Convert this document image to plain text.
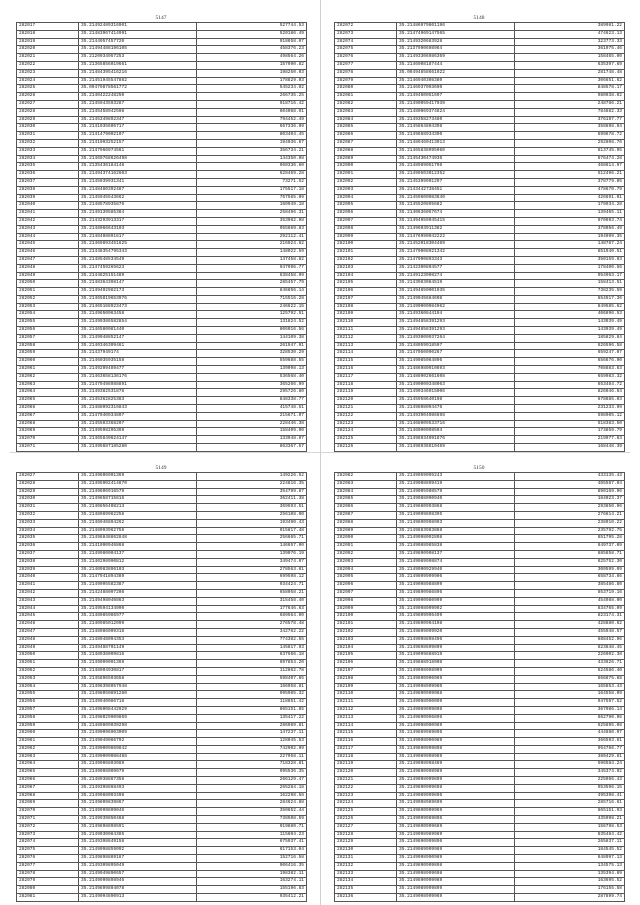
5147
282017	35.21492489316901	527744.53
282018	35.21483967414991	520186.49
282019	35.2144957457720	918658.07
282020	35.21494488196105	458376.23
282021	35.2120934957253	498564.26
282022	35.21365856019661	157990.82
282023	35.21484395416216	198250.03
282024	35.21451945547882	178829.03
282025	35.09479878561772	545234.02
282026	35.2140422248250	266735.25
282027	35.2145943593287	918716.42
282028	35.2145458942598	604088.01
282029	35.2145349892347	794452.49
282030	35.2141035605717	667336.09
282031	35.2141479002107	803404.45
282032	35.2141093252157	194036.67
282033	35.2147966974561	356734.21
282034	35.21469768626498	144350.98
282035	35.2135436184148	960336.60
282036	35.21494374162603	628469.28
282037	35.2145039931341	73271.52
282038	35.2148480392487	175517.18
282039	35.2145945543662	767565.09
282040	35.2148578935876	160949.18
282041	35.2149139585384	258496.31
282042	35.2143293913317	353982.98
282043	35.2148066643103	955669.83
282044	35.2148408891617	292112.41
282045	35.21469893451625	216924.62
282046	35.21448354795343	148022.59
282047	35.2148548534549	147458.82
282048	35.2147459265623	947996.77
282049	35.2144825151489	638458.99
282050	35.2148364398147	285457.79
282051	35.2149402982173	846856.14
282052	35.21465819653976	715516.28
282053	35.21465168923473	246622.15
282054	35.2149650063458	125792.51
282055	35.21490386582854	131824.52
282056	35.2146580081440	806016.56
282057	35.2149048852147	144109.38
282058	35.2140346309461	261947.91
282059	35.21437949174	328530.29
282060	35.2146035935158	559688.55
282061	35.2149209489477	139098.13
282062	35.21463658136176	536568.40
282063	35.21479498988891	365266.99
282064	35.2149382531878	295726.80
282065	35.2145362825383	848338.77
282066	35.21488092316843	415748.51
282067	35.2147040934807	215671.07
282068	35.2145503368207	228446.38
282069	35.2149598205369	158409.90
282070	35.21465849624147	133948.97
282071	35.21495687185280	863367.57
5148
282072	35.21486979801196	389981.22
282073	35.21474969147565	474623.13
282074	35.2149320683928	323773.33
282075	35.2137990698964	361975.46
282076	35.21493306986369	158465.00
282077	35.2146908187444	635397.69
282078	35.09494858661922	281748.48
282079	35.2146940308380	306651.62
282080	35.2146937093690	848578.17
282081	35.2149460051607	980938.02
282082	35.21490059417939	248786.21
282083	35.21480069374824	784882.33
282084	35.2149358273480	376197.77
282085	35.2145864804398	358698.94
282086	35.2149658934390	699678.72
282087	35.21489460413913	292808.76
282088	35.21465838995960	813745.95
282089	35.2145430474936	676474.28
282090	35.2148989051798	468614.97
282091	35.21499503012352	512496.21
282092	35.2145399991297	378779.05
282093	35.2143442738451	478670.79
282094	35.21459600083640	426691.01
282095	35.2145520895682	179934.28
282096	35.2140636057674	139465.11
282097	35.21494959045415	970993.74
282098	35.2149603911382	378056.49
282099	35.21476990042222	194999.35
282100	35.21452018304489	148787.24
282101	35.21470008921342	851940.51
282102	35.2147090893343	350159.93
282103	35.2142300804577	178400.56
282104	35.2149123008274	954963.17
282105	35.2143983084519	158413.51
282106	35.21494850001935	738235.59
282107	35.2149045684608	654517.36
282108	35.21490000084962	849585.62
282109	35.2149360844194	406896.53
282110	35.21494858391293	143939.49
282111	35.21494858391293	143939.49
282112	35.21493000937264	185829.84
282113	35.2148059018507	626596.58
282114	35.2147050090267	659247.07
282115	35.2149085064896	656676.90
282116	35.21486980910893	708883.63
282117	35.21488902661608	659983.32
282118	35.21490000348063	653484.72
282119	35.21490346015006	826046.64
282120	35.2145958640198	678685.03
282121	35.2149808094476	231233.99
282122	35.21493904086698	598905.12
282123	35.21468009533716	518383.50
282124	35.2146090098594	173859.79
282125	35.21498934091876	219977.63
282126	35.21498936610469	168448.39
5149
282027	35.2149606901369	149226.52
282028	35.21495902414870	224816.35
282029	35.2149606916579	354799.87
282030	35.2149858715816	362411.38
282031	35.2140856408213	369593.51
282032	35.2148989962258	256108.90
282033	35.2146946894262	193490.43
282034	35.2148093962758	915817.48
282035	35.21496848862848	256665.71
282036	35.2141090946868	146657.00
282037	35.2149980004137	139076.19
282038	35.2140298990812	349474.07
282039	35.2140983896103	278563.61
282040	35.2147941894389	699598.12
282041	35.2149095582387	934424.71
282042	35.2142488007208	658058.21
282043	35.2149498040863	315458.40
282044	35.2149594134990	177646.63
282045	35.2148985986977	689564.00
282046	35.2140985012099	276578.48
282047	35.2148986009318	342762.22
282048	35.2148948094353	774382.55
282049	35.2149488701149	145817.93
282050	35.2148938009816	637566.18
282051	35.2149099001369	697854.20
282052	35.2148904930817	112862.78
282053	35.2145896593658	598407.65
282054	35.21498398057948	166958.81
282055	35.21498050891280	995985.32
282056	35.2149940086718	118851.42
282057	35.21496008442929	865151.85
282058	35.21498029909869	135417.22
282059	35.21489809039298	286989.81
282060	35.21490096903009	147237.11
282061	35.2149049086792	128045.53
282062	35.21490009869842	742902.99
282063	35.21490000088488	227958.11
282064	35.2149906803089	718328.81
282065	35.2149098009079	995536.35
282066	35.2148938867358	266129.47
282067	35.2149398868493	265284.18
282068	35.2149988093498	162298.58
282069	35.2149809839867	284624.88
282070	35.2149999809046	350652.44
282071	35.2149939850468	738508.59
282072	35.2149898898591	919880.71
282073	35.2149030084385	115604.23
282074	35.2149398849158	675937.41
282075	35.2149098859092	617153.04
282076	35.2149898889167	152716.58
282077	35.2149309895049	906416.35
282078	35.2149049890657	198382.11
282079	35.2149999898946	163274.11
282080	35.2149899894078	155196.83
282081	35.2149094890913	935412.21
5150
282082	35.2149059095243	433135.43
282083	35.2149008809419	405587.04
282084	35.2149005908579	890169.96
282085	35.2149088090940	184023.37
282086	35.2149880993868	293850.96
282087	35.2149099898395	276614.21
282088	35.2149890998993	238910.22
282089	35.2149883983868	235792.75
282090	35.2149098092898	851795.28
282091	35.2149088985838	649737.09
282092	35.2149890908137	885858.71
282093	35.2149089998874	625752.30
282094	35.2149090929940	300599.09
282095	35.2149809909906	658734.86
282096	35.2149098988899	385486.80
282097	35.2149890986896	853719.16
282098	35.2149090980999	454988.00
282099	35.2149098909992	834765.09
282100	35.2149809996499	823174.31
282101	35.2149890904198	428880.62
282102	35.2149809099920	455948.57
282103	35.2149098898496	688452.96
282104	35.2149898609809	823848.45
282105	35.2149099888919	226902.38
282106	35.2149888918908	433626.71
282107	35.2149098998909	624586.40
282108	35.2149890906969	866875.68
282109	35.2149098909980	165853.43
282110	35.2149890909988	164558.09
282111	35.2149098990099	947597.52
282112	35.2149089909898	367986.14
282113	35.2149890996896	862790.96
282114	35.2149098090989	625895.08
282115	35.2149889989896	444880.97
282116	35.2149098906989	366593.61
282117	35.2149890909898	954766.77
282118	35.2149089908989	380429.81
282119	35.2149098968489	596584.24
282120	35.2149890998989	345374.92
282121	35.2149098999899	225966.43
282122	35.2149890909698	953596.15
282123	35.2149089999896	495398.41
282124	35.2149098989699	285716.61
282125	35.2149890909969	865151.93
282126	35.2149099989896	435998.21
282127	35.2149890909689	156798.53
282128	35.2149098989989	835484.42
282129	35.2149890999896	265837.11
282130	35.2149089909989	184545.52
282131	35.2149098990989	648997.13
282132	35.2149890909898	134575.13
282133	35.2149098999698	135394.89
282134	35.2149890909989	163695.52
282135	35.2149089999899	176155.58
282136	35.2149098909969	287899.74
